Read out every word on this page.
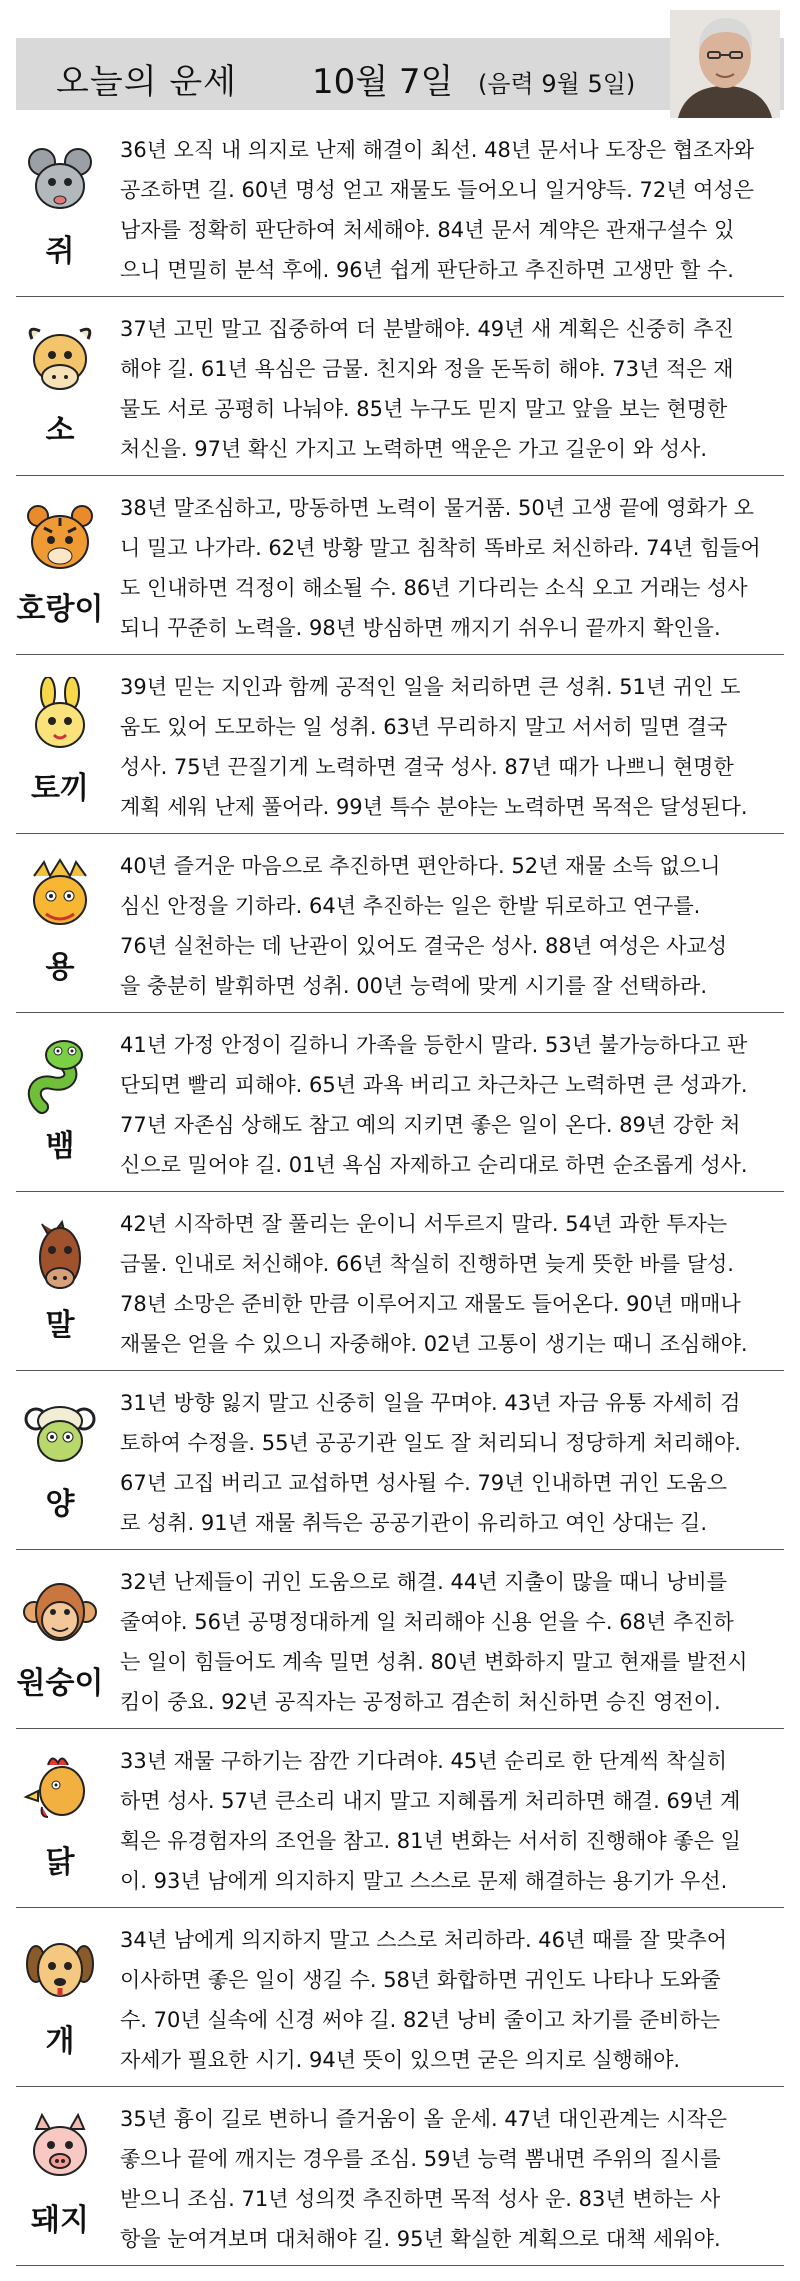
오늘의 운세 10월 7일 (음력 9월 5일)
쥐
36년 오직 내 의지로 난제 해결이 최선. 48년 문서나 도장은 협조자와
공조하면 길. 60년 명성 얻고 재물도 들어오니 일거양득. 72년 여성은
남자를 정확히 판단하여 처세해야. 84년 문서 계약은 관재구설수 있
으니 면밀히 분석 후에. 96년 쉽게 판단하고 추진하면 고생만 할 수.
소
37년 고민 말고 집중하여 더 분발해야. 49년 새 계획은 신중히 추진
해야 길. 61년 욕심은 금물. 친지와 정을 돈독히 해야. 73년 적은 재
물도 서로 공평히 나눠야. 85년 누구도 믿지 말고 앞을 보는 현명한
처신을. 97년 확신 가지고 노력하면 액운은 가고 길운이 와 성사.
호랑이
38년 말조심하고, 망동하면 노력이 물거품. 50년 고생 끝에 영화가 오
니 밀고 나가라. 62년 방황 말고 침착히 똑바로 처신하라. 74년 힘들어
도 인내하면 걱정이 해소될 수. 86년 기다리는 소식 오고 거래는 성사
되니 꾸준히 노력을. 98년 방심하면 깨지기 쉬우니 끝까지 확인을.
토끼
39년 믿는 지인과 함께 공적인 일을 처리하면 큰 성취. 51년 귀인 도
움도 있어 도모하는 일 성취. 63년 무리하지 말고 서서히 밀면 결국
성사. 75년 끈질기게 노력하면 결국 성사. 87년 때가 나쁘니 현명한
계획 세워 난제 풀어라. 99년 특수 분야는 노력하면 목적은 달성된다.
용
40년 즐거운 마음으로 추진하면 편안하다. 52년 재물 소득 없으니
심신 안정을 기하라. 64년 추진하는 일은 한발 뒤로하고 연구를.
76년 실천하는 데 난관이 있어도 결국은 성사. 88년 여성은 사교성
을 충분히 발휘하면 성취. 00년 능력에 맞게 시기를 잘 선택하라.
뱀
41년 가정 안정이 길하니 가족을 등한시 말라. 53년 불가능하다고 판
단되면 빨리 피해야. 65년 과욕 버리고 차근차근 노력하면 큰 성과가.
77년 자존심 상해도 참고 예의 지키면 좋은 일이 온다. 89년 강한 처
신으로 밀어야 길. 01년 욕심 자제하고 순리대로 하면 순조롭게 성사.
말
42년 시작하면 잘 풀리는 운이니 서두르지 말라. 54년 과한 투자는
금물. 인내로 처신해야. 66년 착실히 진행하면 늦게 뜻한 바를 달성.
78년 소망은 준비한 만큼 이루어지고 재물도 들어온다. 90년 매매나
재물은 얻을 수 있으니 자중해야. 02년 고통이 생기는 때니 조심해야.
양
31년 방향 잃지 말고 신중히 일을 꾸며야. 43년 자금 유통 자세히 검
토하여 수정을. 55년 공공기관 일도 잘 처리되니 정당하게 처리해야.
67년 고집 버리고 교섭하면 성사될 수. 79년 인내하면 귀인 도움으
로 성취. 91년 재물 취득은 공공기관이 유리하고 여인 상대는 길.
원숭이
32년 난제들이 귀인 도움으로 해결. 44년 지출이 많을 때니 낭비를
줄여야. 56년 공명정대하게 일 처리해야 신용 얻을 수. 68년 추진하
는 일이 힘들어도 계속 밀면 성취. 80년 변화하지 말고 현재를 발전시
킴이 중요. 92년 공직자는 공정하고 겸손히 처신하면 승진 영전이.
닭
33년 재물 구하기는 잠깐 기다려야. 45년 순리로 한 단계씩 착실히
하면 성사. 57년 큰소리 내지 말고 지혜롭게 처리하면 해결. 69년 계
획은 유경험자의 조언을 참고. 81년 변화는 서서히 진행해야 좋은 일
이. 93년 남에게 의지하지 말고 스스로 문제 해결하는 용기가 우선.
개
34년 남에게 의지하지 말고 스스로 처리하라. 46년 때를 잘 맞추어
이사하면 좋은 일이 생길 수. 58년 화합하면 귀인도 나타나 도와줄
수. 70년 실속에 신경 써야 길. 82년 낭비 줄이고 차기를 준비하는
자세가 필요한 시기. 94년 뜻이 있으면 굳은 의지로 실행해야.
돼지
35년 흉이 길로 변하니 즐거움이 올 운세. 47년 대인관계는 시작은
좋으나 끝에 깨지는 경우를 조심. 59년 능력 뽐내면 주위의 질시를
받으니 조심. 71년 성의껏 추진하면 목적 성사 운. 83년 변하는 사
항을 눈여겨보며 대처해야 길. 95년 확실한 계획으로 대책 세워야.
